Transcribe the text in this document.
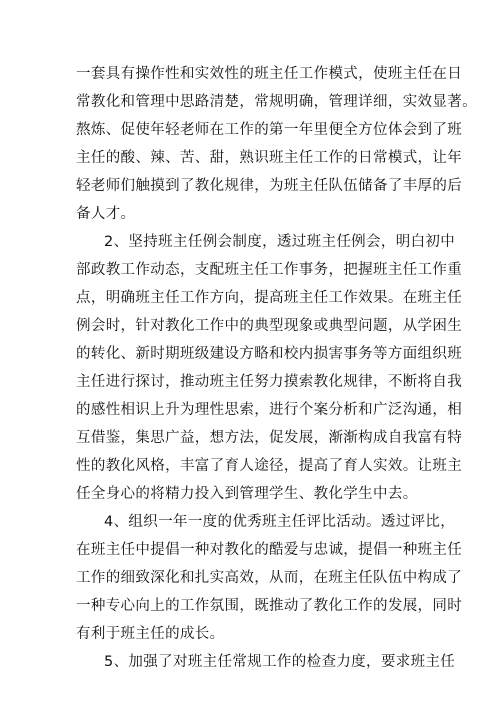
一套具有操作性和实效性的班主任工作模式，使班主任在日
常教化和管理中思路清楚，常规明确，管理详细，实效显著。
熬炼、促使年轻老师在工作的第一年里便全方位体会到了班
主任的酸、辣、苦、甜，熟识班主任工作的日常模式，让年
轻老师们触摸到了教化规律，为班主任队伍储备了丰厚的后
备人才。
2、坚持班主任例会制度，透过班主任例会，明白初中
部政教工作动态，支配班主任工作事务，把握班主任工作重
点，明确班主任工作方向，提高班主任工作效果。在班主任
例会时，针对教化工作中的典型现象或典型问题，从学困生
的转化、新时期班级建设方略和校内损害事务等方面组织班
主任进行探讨，推动班主任努力摸索教化规律，不断将自我
的感性相识上升为理性思索，进行个案分析和广泛沟通，相
互借鉴，集思广益，想方法，促发展，渐渐构成自我富有特
性的教化风格，丰富了育人途径，提高了育人实效。让班主
任全身心的将精力投入到管理学生、教化学生中去。
4、组织一年一度的优秀班主任评比活动。透过评比，
在班主任中提倡一种对教化的酷爱与忠诚，提倡一种班主任
工作的细致深化和扎实高效，从而，在班主任队伍中构成了
一种专心向上的工作氛围，既推动了教化工作的发展，同时
有利于班主任的成长。
5、加强了对班主任常规工作的检查力度，要求班主任
